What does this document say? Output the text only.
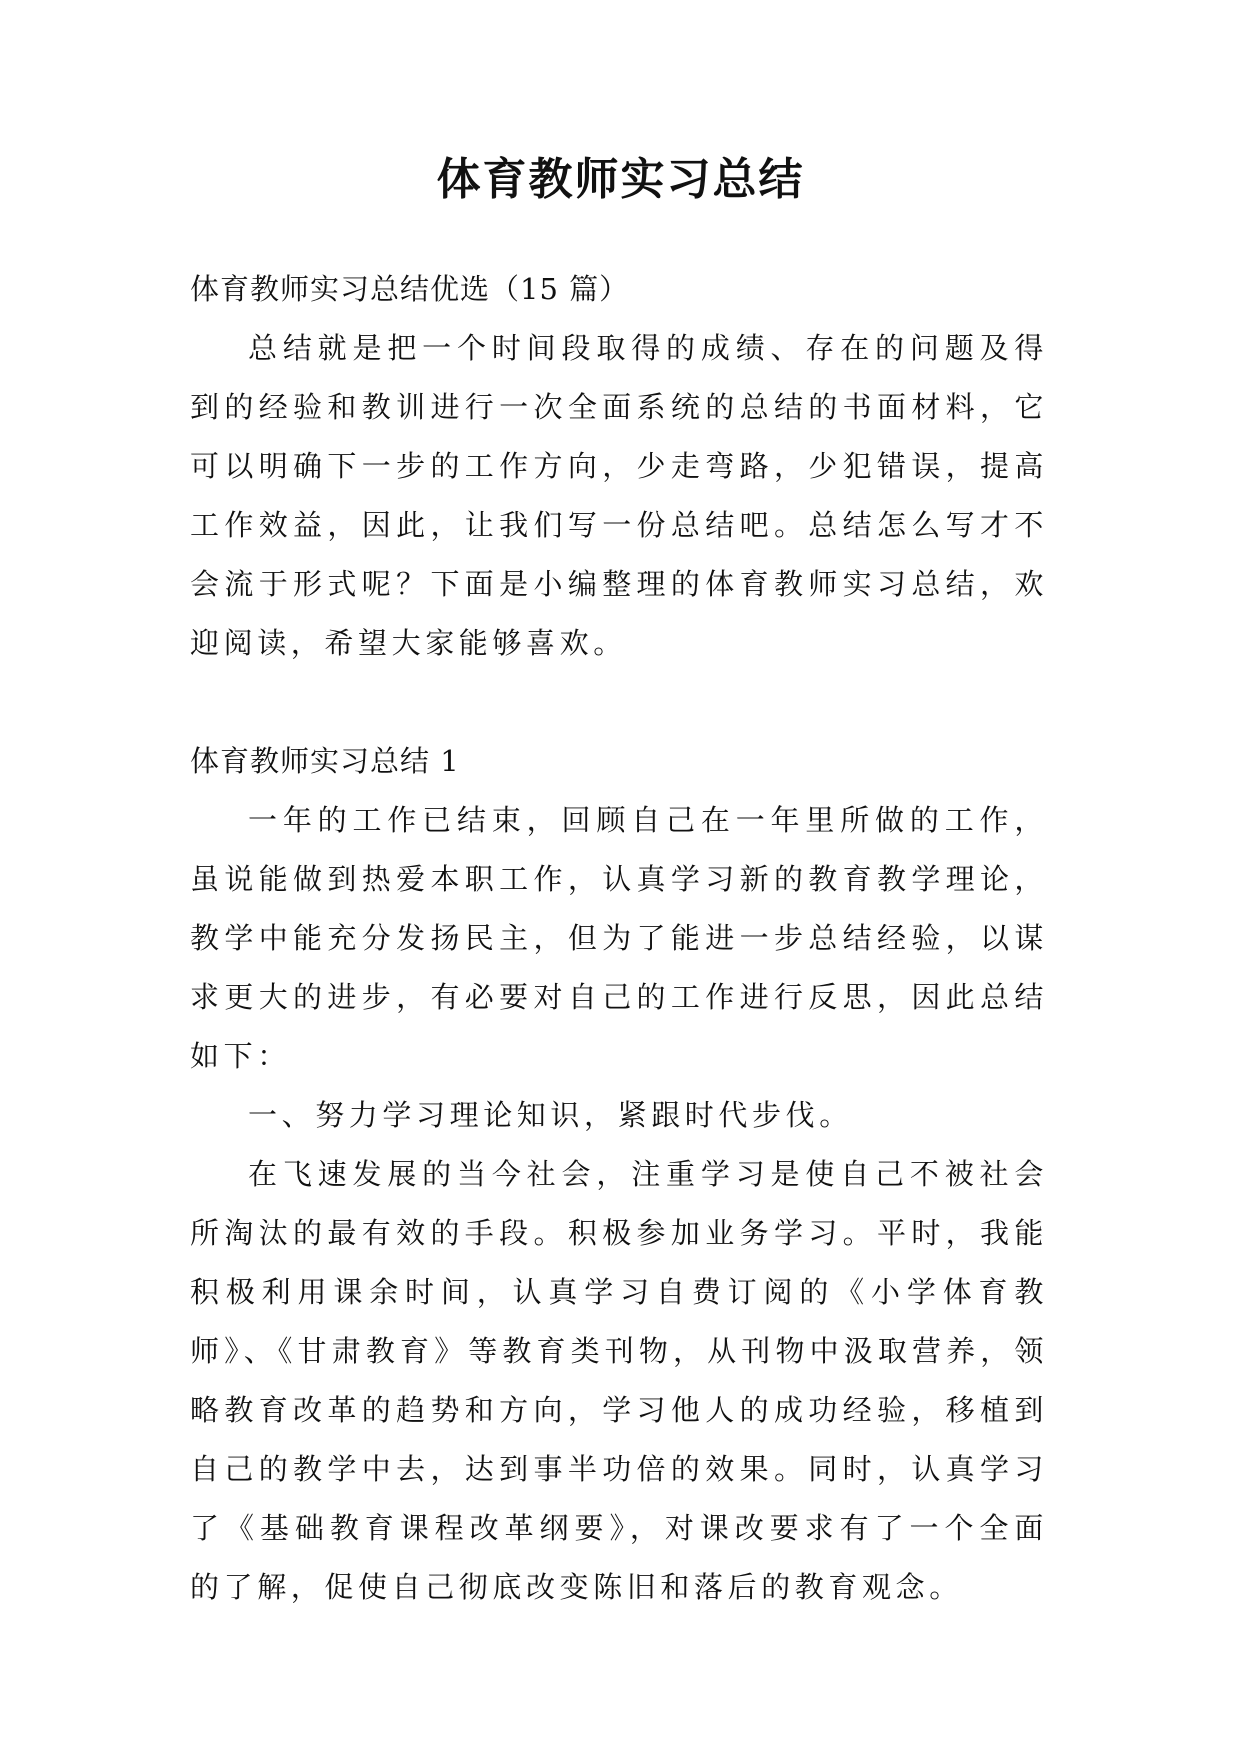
体育教师实习总结

体育教师实习总结优选（15 篇）

总结就是把一个时间段取得的成绩、存在的问题及得到的经验和教训进行一次全面系统的总结的书面材料，它可以明确下一步的工作方向，少走弯路，少犯错误，提高工作效益，因此，让我们写一份总结吧。总结怎么写才不会流于形式呢？下面是小编整理的体育教师实习总结，欢迎阅读，希望大家能够喜欢。

体育教师实习总结 1

一年的工作已结束，回顾自己在一年里所做的工作，虽说能做到热爱本职工作，认真学习新的教育教学理论，教学中能充分发扬民主，但为了能进一步总结经验，以谋求更大的进步，有必要对自己的工作进行反思，因此总结如下：

一、努力学习理论知识，紧跟时代步伐。

在飞速发展的当今社会，注重学习是使自己不被社会所淘汰的最有效的手段。积极参加业务学习。平时，我能积极利用课余时间，认真学习自费订阅的《小学体育教师》、《甘肃教育》等教育类刊物，从刊物中汲取营养，领略教育改革的趋势和方向，学习他人的成功经验，移植到自己的教学中去，达到事半功倍的效果。同时，认真学习了《基础教育课程改革纲要》，对课改要求有了一个全面的了解，促使自己彻底改变陈旧和落后的教育观念。
